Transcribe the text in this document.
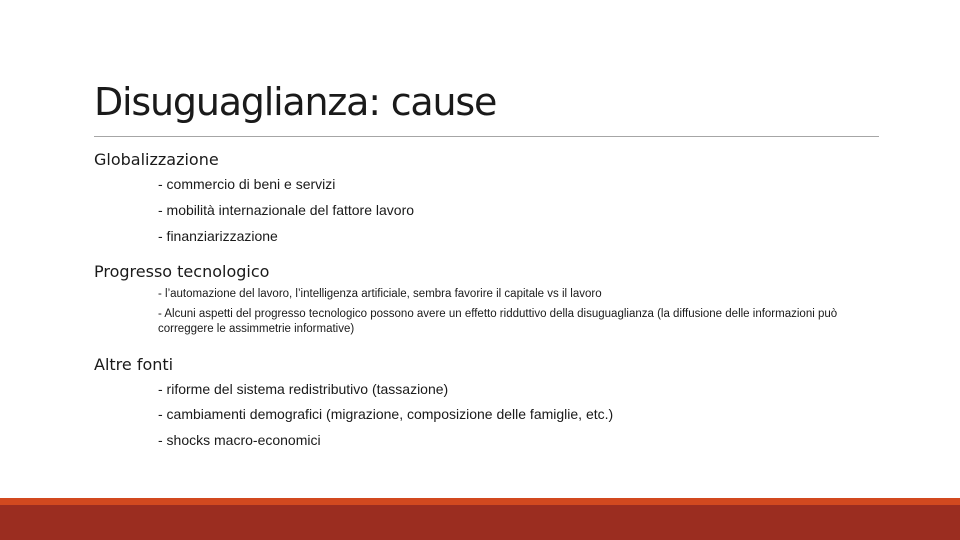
Disuguaglianza: cause
Globalizzazione
- commercio di beni e servizi
- mobilità internazionale del fattore lavoro
- finanziarizzazione
Progresso tecnologico
- l’automazione del lavoro, l’intelligenza artificiale, sembra favorire il capitale vs il lavoro
- Alcuni aspetti del progresso tecnologico possono avere un effetto ridduttivo della disuguaglianza (la diffusione delle informazioni può correggere le assimmetrie informative)
Altre fonti
- riforme del sistema redistributivo (tassazione)
- cambiamenti demografici (migrazione, composizione delle famiglie, etc.)
- shocks macro-economici
